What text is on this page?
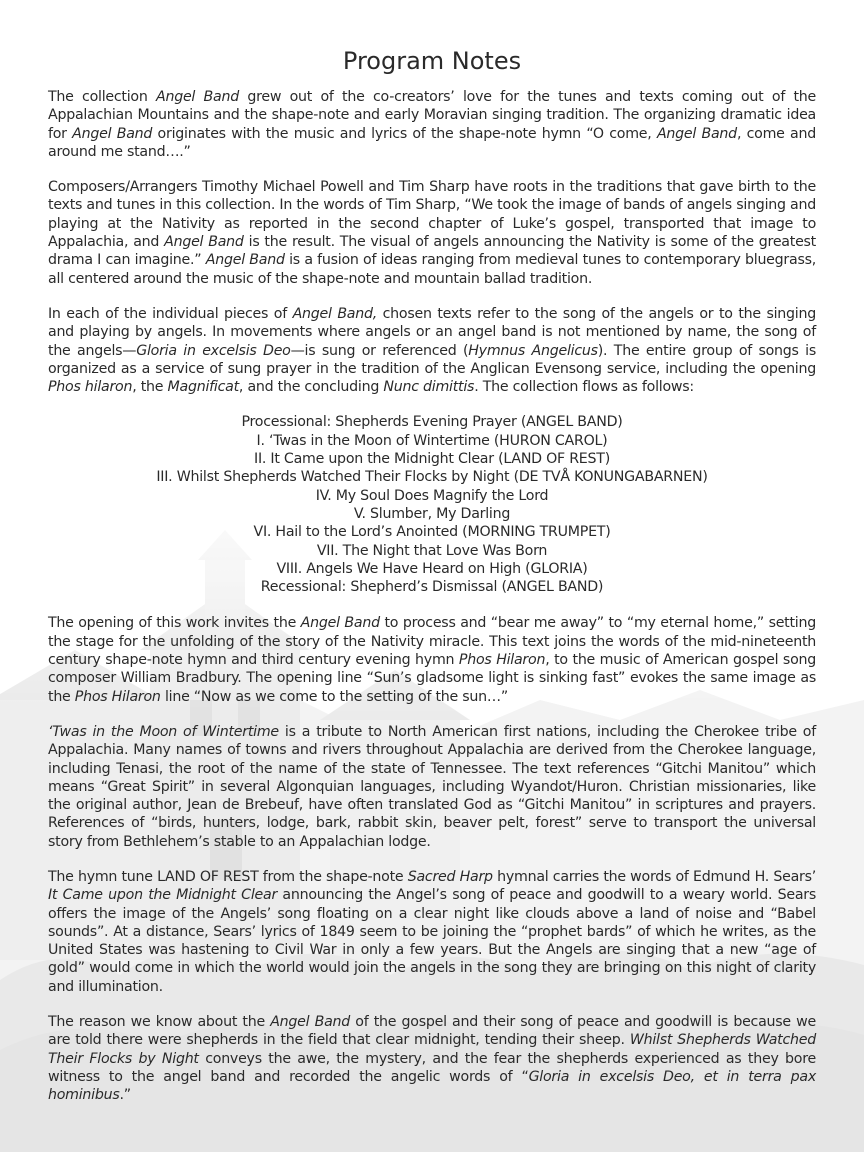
Program Notes

The collection Angel Band grew out of the co-creators’ love for the tunes and texts coming out of the Appalachian Mountains and the shape-note and early Moravian singing tradition. The organizing dramatic idea for Angel Band originates with the music and lyrics of the shape-note hymn “O come, Angel Band, come and around me stand….”

Composers/Arrangers Timothy Michael Powell and Tim Sharp have roots in the traditions that gave birth to the texts and tunes in this collection. In the words of Tim Sharp, “We took the image of bands of angels singing and playing at the Nativity as reported in the second chapter of Luke’s gospel, transported that image to Appalachia, and Angel Band is the result. The visual of angels announcing the Nativity is some of the greatest drama I can imagine.” Angel Band is a fusion of ideas ranging from medieval tunes to contemporary bluegrass, all centered around the music of the shape-note and mountain ballad tradition.

In each of the individual pieces of Angel Band, chosen texts refer to the song of the angels or to the singing and playing by angels. In movements where angels or an angel band is not mentioned by name, the song of the angels—Gloria in excelsis Deo—is sung or referenced (Hymnus Angelicus). The entire group of songs is organized as a service of sung prayer in the tradition of the Anglican Evensong service, including the opening Phos hilaron, the Magnificat, and the concluding Nunc dimittis. The collection flows as follows:

Processional: Shepherds Evening Prayer (ANGEL BAND)
I. ‘Twas in the Moon of Wintertime (HURON CAROL)
II. It Came upon the Midnight Clear (LAND OF REST)
III. Whilst Shepherds Watched Their Flocks by Night (DE TVÅ KONUNGABARNEN)
IV. My Soul Does Magnify the Lord
V. Slumber, My Darling
VI. Hail to the Lord’s Anointed (MORNING TRUMPET)
VII. The Night that Love Was Born
VIII. Angels We Have Heard on High (GLORIA)
Recessional: Shepherd’s Dismissal (ANGEL BAND)

The opening of this work invites the Angel Band to process and “bear me away” to “my eternal home,” setting the stage for the unfolding of the story of the Nativity miracle. This text joins the words of the mid-nineteenth century shape-note hymn and third century evening hymn Phos Hilaron, to the music of American gospel song composer William Bradbury. The opening line “Sun’s gladsome light is sinking fast” evokes the same image as the Phos Hilaron line “Now as we come to the setting of the sun…”

‘Twas in the Moon of Wintertime is a tribute to North American first nations, including the Cherokee tribe of Appalachia. Many names of towns and rivers throughout Appalachia are derived from the Cherokee language, including Tenasi, the root of the name of the state of Tennessee. The text references “Gitchi Manitou” which means “Great Spirit” in several Algonquian languages, including Wyandot/Huron. Christian missionaries, like the original author, Jean de Brebeuf, have often translated God as “Gitchi Manitou” in scriptures and prayers. References of “birds, hunters, lodge, bark, rabbit skin, beaver pelt, forest” serve to transport the universal story from Bethlehem’s stable to an Appalachian lodge.

The hymn tune LAND OF REST from the shape-note Sacred Harp hymnal carries the words of Edmund H. Sears’ It Came upon the Midnight Clear announcing the Angel’s song of peace and goodwill to a weary world. Sears offers the image of the Angels’ song floating on a clear night like clouds above a land of noise and “Babel sounds”. At a distance, Sears’ lyrics of 1849 seem to be joining the “prophet bards” of which he writes, as the United States was hastening to Civil War in only a few years. But the Angels are singing that a new “age of gold” would come in which the world would join the angels in the song they are bringing on this night of clarity and illumination.

The reason we know about the Angel Band of the gospel and their song of peace and goodwill is because we are told there were shepherds in the field that clear midnight, tending their sheep. Whilst Shepherds Watched Their Flocks by Night conveys the awe, the mystery, and the fear the shepherds experienced as they bore witness to the angel band and recorded the angelic words of “Gloria in excelsis Deo, et in terra pax hominibus.”
